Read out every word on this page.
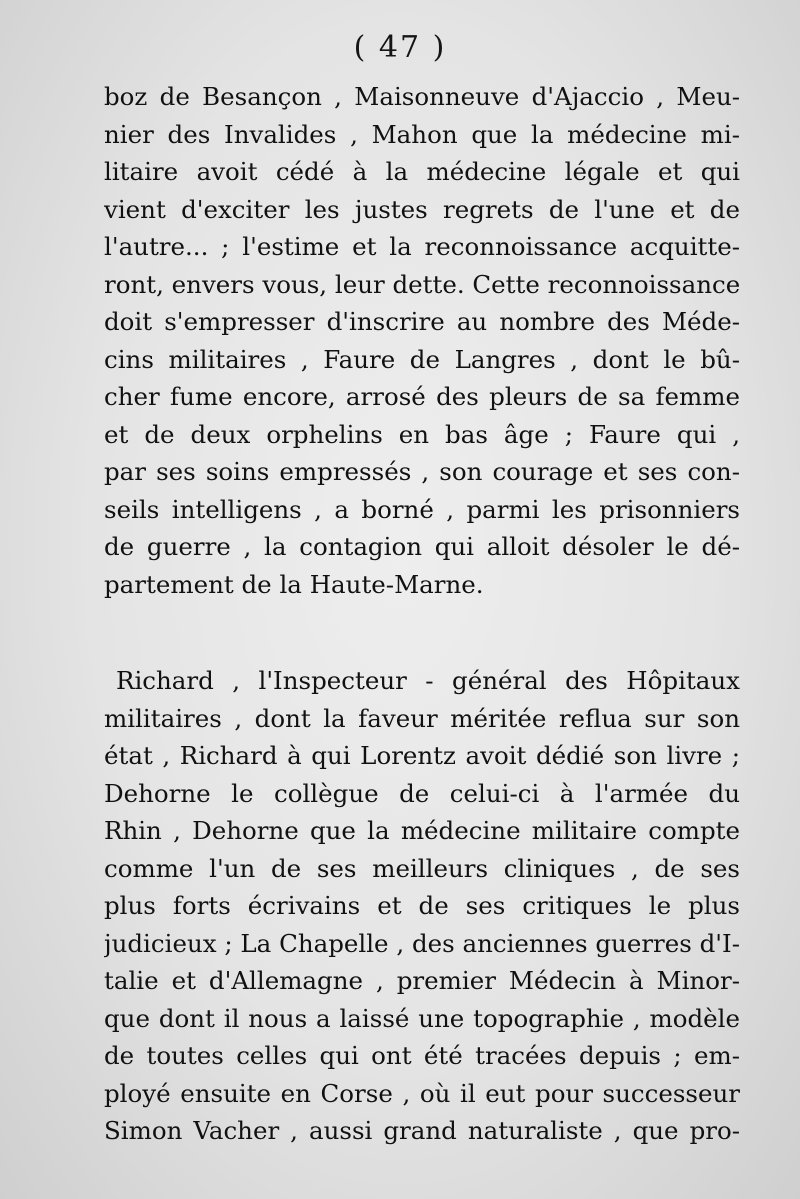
( 47 )
boz de Besançon , Maisonneuve d'Ajaccio , Meu-
nier des Invalides , Mahon que la médecine mi-
litaire avoit cédé à la médecine légale et qui
vient d'exciter les justes regrets de l'une et de
l'autre... ; l'estime et la reconnoissance acquitte-
ront, envers vous, leur dette. Cette reconnoissance
doit s'empresser d'inscrire au nombre des Méde-
cins militaires , Faure de Langres , dont le bû-
cher fume encore, arrosé des pleurs de sa femme
et de deux orphelins en bas âge ; Faure qui ,
par ses soins empressés , son courage et ses con-
seils intelligens , a borné , parmi les prisonniers
de guerre , la contagion qui alloit désoler le dé-
partement de la Haute-Marne.
Richard , l'Inspecteur - général des Hôpitaux
militaires , dont la faveur méritée reflua sur son
état , Richard à qui Lorentz avoit dédié son livre ;
Dehorne le collègue de celui-ci à l'armée du
Rhin , Dehorne que la médecine militaire compte
comme l'un de ses meilleurs cliniques , de ses
plus forts écrivains et de ses critiques le plus
judicieux ; La Chapelle , des anciennes guerres d'I-
talie et d'Allemagne , premier Médecin à Minor-
que dont il nous a laissé une topographie , modèle
de toutes celles qui ont été tracées depuis ; em-
ployé ensuite en Corse , où il eut pour successeur
Simon Vacher , aussi grand naturaliste , que pro-
